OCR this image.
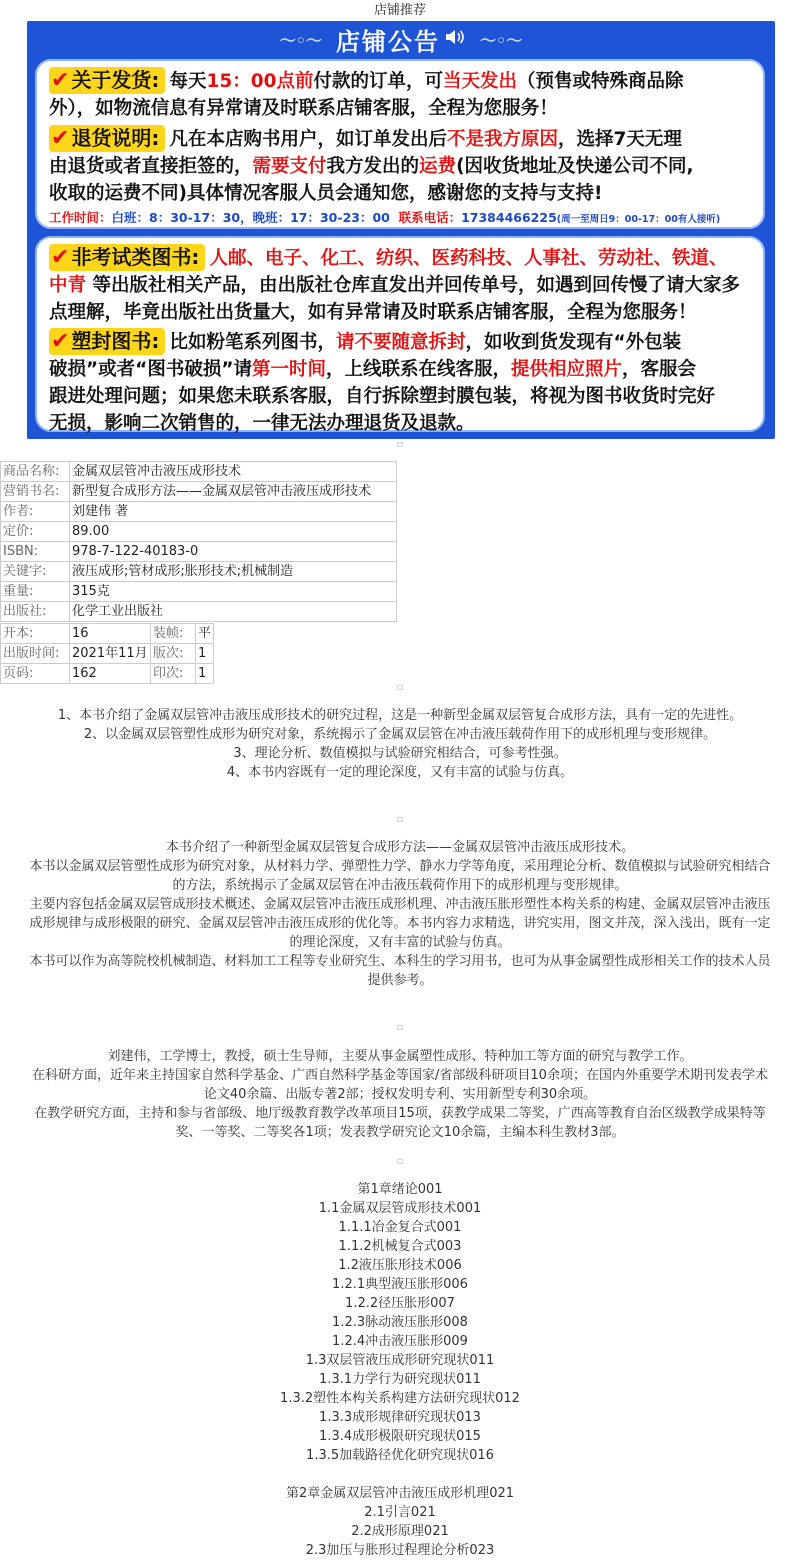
店铺推荐
〜◦〜 店铺公告	〜◦〜
✔ 关于发货: 每天15：00点前付款的订单，可当天发出（预售或特殊商品除
外），如物流信息有异常请及时联系店铺客服，全程为您服务！
✔ 退货说明: 凡在本店购书用户，如订单发出后不是我方原因，选择7天无理
由退货或者直接拒签的，需要支付我方发出的运费(因收货地址及快递公司不同,
收取的运费不同)具体情况客服人员会通知您，感谢您的支持与支持!
工作时间：白班：8：30-17：30，晚班：17：30-23：00 联系电话：17384466225(周一至周日9：00-17：00有人接听)
✔ 非考试类图书: 人邮、电子、化工、纺织、医药科技、人事社、劳动社、铁道、
中青 等出版社相关产品，由出版社仓库直发出并回传单号，如遇到回传慢了请大家多
点理解，毕竟出版社出货量大，如有异常请及时联系店铺客服，全程为您服务！
✔ 塑封图书: 比如粉笔系列图书，请不要随意拆封，如收到货发现有“外包装
破损”或者“图书破损”请第一时间，上线联系在线客服，提供相应照片，客服会
跟进处理问题；如果您未联系客服，自行拆除塑封膜包装，将视为图书收货时完好
无损，影响二次销售的，一律无法办理退货及退款。
▫
商品名称:	金属双层管冲击液压成形技术
营销书名:	新型复合成形方法——金属双层管冲击液压成形技术
作者:	刘建伟 著
定价:	89.00
ISBN:	978-7-122-40183-0
关键字:	液压成形;管材成形;胀形技术;机械制造
重量:	315克
出版社:	化学工业出版社
开本:	16	装帧:	平
出版时间:	2021年11月	版次:	1
页码:	162	印次:	1
▫
1、本书介绍了金属双层管冲击液压成形技术的研究过程，这是一种新型金属双层管复合成形方法，具有一定的先进性。
2、以金属双层管塑性成形为研究对象，系统揭示了金属双层管在冲击液压载荷作用下的成形机理与变形规律。
3、理论分析、数值模拟与试验研究相结合，可参考性强。
4、本书内容既有一定的理论深度，又有丰富的试验与仿真。
▫
本书介绍了一种新型金属双层管复合成形方法——金属双层管冲击液压成形技术。
本书以金属双层管塑性成形为研究对象，从材料力学、弹塑性力学、静水力学等角度，采用理论分析、数值模拟与试验研究相结合
的方法，系统揭示了金属双层管在冲击液压载荷作用下的成形机理与变形规律。
主要内容包括金属双层管成形技术概述、金属双层管冲击液压成形机理、冲击液压胀形塑性本构关系的构建、金属双层管冲击液压
成形规律与成形极限的研究、金属双层管冲击液压成形的优化等。本书内容力求精选，讲究实用，图文并茂，深入浅出，既有一定
的理论深度，又有丰富的试验与仿真。
本书可以作为高等院校机械制造、材料加工工程等专业研究生、本科生的学习用书，也可为从事金属塑性成形相关工作的技术人员
提供参考。
▫
刘建伟，工学博士，教授，硕士生导师，主要从事金属塑性成形、特种加工等方面的研究与教学工作。
在科研方面，近年来主持国家自然科学基金、广西自然科学基金等国家/省部级科研项目10余项；在国内外重要学术期刊发表学术
论文40余篇、出版专著2部；授权发明专利、实用新型专利30余项。
在教学研究方面，主持和参与省部级、地厅级教育教学改革项目15项，获教学成果二等奖，广西高等教育自治区级教学成果特等
奖、一等奖、二等奖各1项；发表教学研究论文10余篇，主编本科生教材3部。
▫
第1章绪论001
1.1金属双层管成形技术001
1.1.1冶金复合式001
1.1.2机械复合式003
1.2液压胀形技术006
1.2.1典型液压胀形006
1.2.2径压胀形007
1.2.3脉动液压胀形008
1.2.4冲击液压胀形009
1.3双层管液压成形研究现状011
1.3.1力学行为研究现状011
1.3.2塑性本构关系构建方法研究现状012
1.3.3成形规律研究现状013
1.3.4成形极限研究现状015
1.3.5加载路径优化研究现状016
第2章金属双层管冲击液压成形机理021
2.1引言021
2.2成形原理021
2.3加压与胀形过程理论分析023
